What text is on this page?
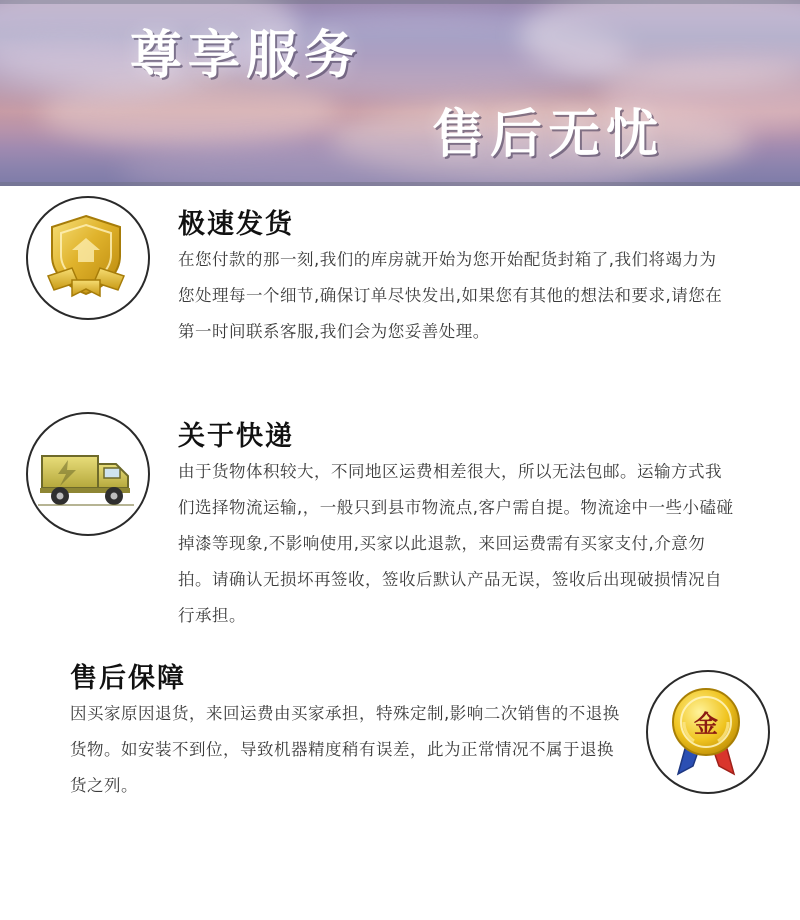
尊享服务
售后无忧
极速发货

在您付款的那一刻,我们的库房就开始为您开始配货封箱了,我们将竭力为您处理每一个细节,确保订单尽快发出,如果您有其他的想法和要求,请您在第一时间联系客服,我们会为您妥善处理。

关于快递

由于货物体积较大，不同地区运费相差很大，所以无法包邮。运输方式我们选择物流运输,，一般只到县市物流点,客户需自提。物流途中一些小磕碰掉漆等现象,不影响使用,买家以此退款，来回运费需有买家支付,介意勿拍。请确认无损坏再签收，签收后默认产品无误，签收后出现破损情况自行承担。

金
售后保障

因买家原因退货，来回运费由买家承担，特殊定制,影响二次销售的不退换货物。如安装不到位，导致机器精度稍有误差，此为正常情况不属于退换货之列。
